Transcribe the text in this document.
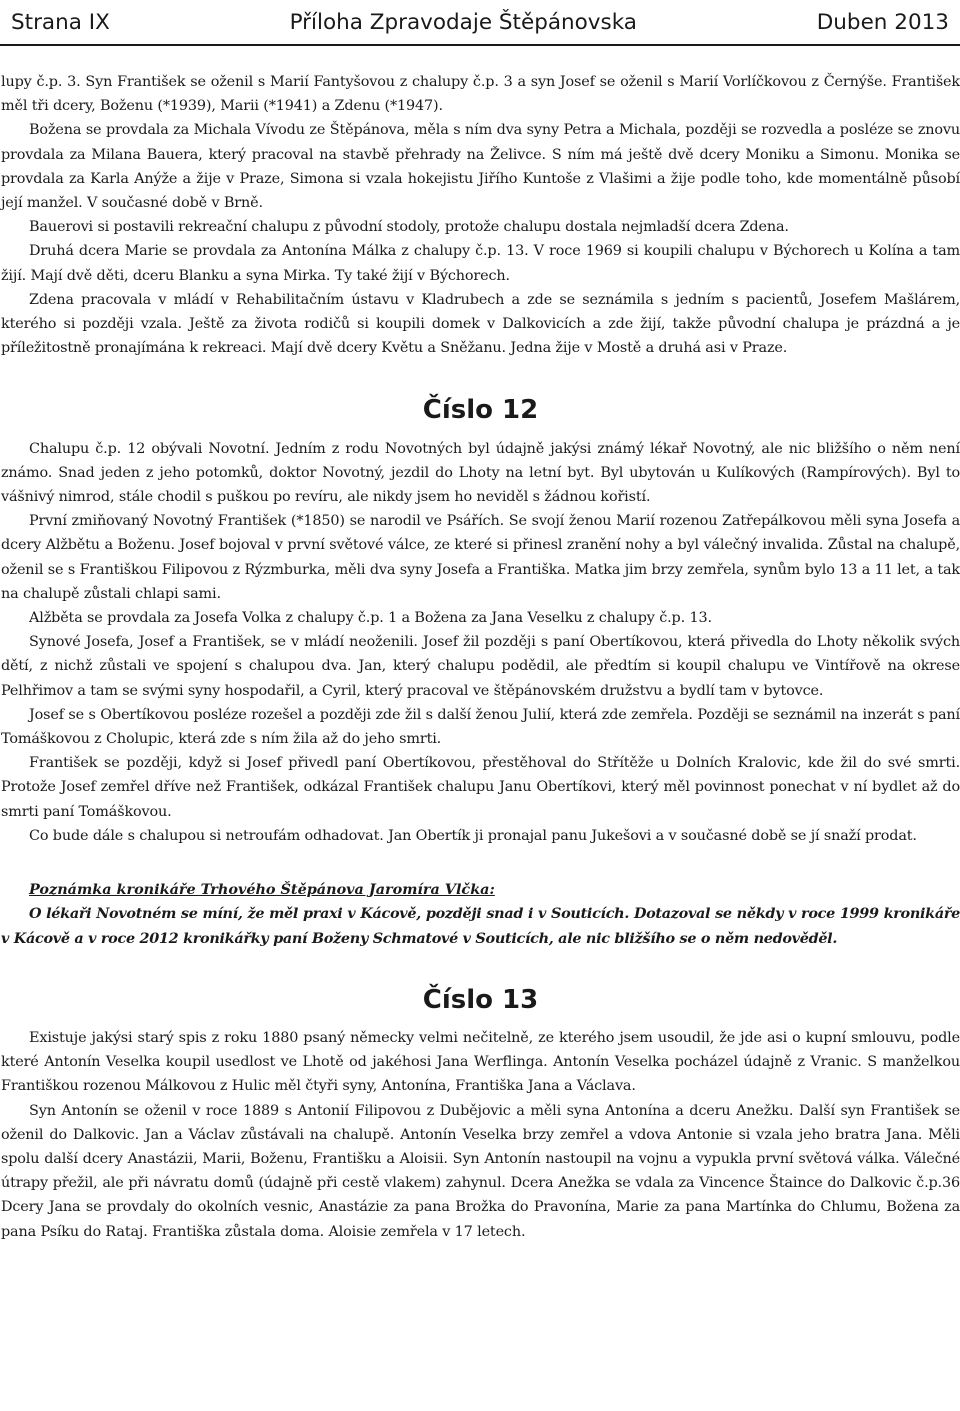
Strana IX	Příloha Zpravodaje Štěpánovska	Duben 2013

lupy č.p. 3. Syn František se oženil s Marií Fantyšovou z chalupy č.p. 3 a syn Josef se oženil s Marií Vorlíčkovou z Černýše. František měl tři dcery, Boženu (*1939), Marii (*1941) a Zdenu (*1947).

Božena se provdala za Michala Vívodu ze Štěpánova, měla s ním dva syny Petra a Michala, později se rozvedla a posléze se znovu provdala za Milana Bauera, který pracoval na stavbě přehrady na Želivce. S ním má ještě dvě dcery Moniku a Simonu. Monika se provdala za Karla Anýže a žije v Praze, Simona si vzala hokejistu Jiřího Kuntoše z Vlašimi a žije podle toho, kde momentálně působí její manžel. V současné době v Brně.

Bauerovi si postavili rekreační chalupu z původní stodoly, protože chalupu dostala nejmladší dcera Zdena.

Druhá dcera Marie se provdala za Antonína Málka z chalupy č.p. 13. V roce 1969 si koupili chalupu v Býchorech u Kolína a tam žijí. Mají dvě děti, dceru Blanku a syna Mirka. Ty také žijí v Býchorech.

Zdena pracovala v mládí v Rehabilitačním ústavu v Kladrubech a zde se seznámila s jedním s pacientů, Josefem Mašlárem, kterého si později vzala. Ještě za života rodičů si koupili domek v Dalkovicích a zde žijí, takže původní chalupa je prázdná a je příležitostně pronajímána k rekreaci. Mají dvě dcery Květu a Sněžanu. Jedna žije v Mostě a druhá asi v Praze.

Číslo 12

Chalupu č.p. 12 obývali Novotní. Jedním z rodu Novotných byl údajně jakýsi známý lékař Novotný, ale nic bližšího o něm není známo. Snad jeden z jeho potomků, doktor Novotný, jezdil do Lhoty na letní byt. Byl ubytován u Kulíkových (Rampírových). Byl to vášnivý nimrod, stále chodil s puškou po revíru, ale nikdy jsem ho neviděl s žádnou kořistí.

První zmiňovaný Novotný František (*1850) se narodil ve Psářích. Se svojí ženou Marií rozenou Zatřepálkovou měli syna Josefa a dcery Alžbětu a Boženu. Josef bojoval v první světové válce, ze které si přinesl zranění nohy a byl válečný invalida. Zůstal na chalupě, oženil se s Františkou Filipovou z Rýzmburka, měli dva syny Josefa a Františka. Matka jim brzy zemřela, synům bylo 13 a 11 let, a tak na chalupě zůstali chlapi sami.

Alžběta se provdala za Josefa Volka z chalupy č.p. 1 a Božena za Jana Veselku z chalupy č.p. 13.

Synové Josefa, Josef a František, se v mládí neoženili. Josef žil později s paní Obertíkovou, která přivedla do Lhoty několik svých dětí, z nichž zůstali ve spojení s chalupou dva. Jan, který chalupu podědil, ale předtím si koupil chalupu ve Vintířově na okrese Pelhřimov a tam se svými syny hospodařil, a Cyril, který pracoval ve štěpánovském družstvu a bydlí tam v bytovce.

Josef se s Obertíkovou posléze rozešel a později zde žil s další ženou Julií, která zde zemřela. Později se seznámil na inzerát s paní Tomáškovou z Cholupic, která zde s ním žila až do jeho smrti.

František se později, když si Josef přivedl paní Obertíkovou, přestěhoval do Střítěže u Dolních Kralovic, kde žil do své smrti. Protože Josef zemřel dříve než František, odkázal František chalupu Janu Obertíkovi, který měl povinnost ponechat v ní bydlet až do smrti paní Tomáškovou.

Co bude dále s chalupou si netroufám odhadovat. Jan Obertík ji pronajal panu Jukešovi a v současné době se jí snaží prodat.

Poznámka kronikáře Trhového Štěpánova Jaromíra Vlčka:

O lékaři Novotném se míní, že měl praxi v Kácově, později snad i v Souticích. Dotazoval se někdy v roce 1999 kronikáře v Kácově a v roce 2012 kronikářky paní Boženy Schmatové v Souticích, ale nic bližšího se o něm nedověděl.

Číslo 13

Existuje jakýsi starý spis z roku 1880 psaný německy velmi nečitelně, ze kterého jsem usoudil, že jde asi o kupní smlouvu, podle které Antonín Veselka koupil usedlost ve Lhotě od jakéhosi Jana Werflinga. Antonín Veselka pocházel údajně z Vranic. S manželkou Františkou rozenou Málkovou z Hulic měl čtyři syny, Antonína, Františka Jana a Václava.

Syn Antonín se oženil v roce 1889 s Antonií Filipovou z Dubějovic a měli syna Antonína a dceru Anežku. Další syn František se oženil do Dalkovic. Jan a Václav zůstávali na chalupě. Antonín Veselka brzy zemřel a vdova Antonie si vzala jeho bratra Jana. Měli spolu další dcery Anastázii, Marii, Boženu, Františku a Aloisii. Syn Antonín nastoupil na vojnu a vypukla první světová válka. Válečné útrapy přežil, ale při návratu domů (údajně při cestě vlakem) zahynul. Dcera Anežka se vdala za Vincence Štaince do Dalkovic č.p.36 Dcery Jana se provdaly do okolních vesnic, Anastázie za pana Brožka do Pravonína, Marie za pana Martínka do Chlumu, Božena za pana Psíku do Rataj. Františka zůstala doma. Aloisie zemřela v 17 letech.
